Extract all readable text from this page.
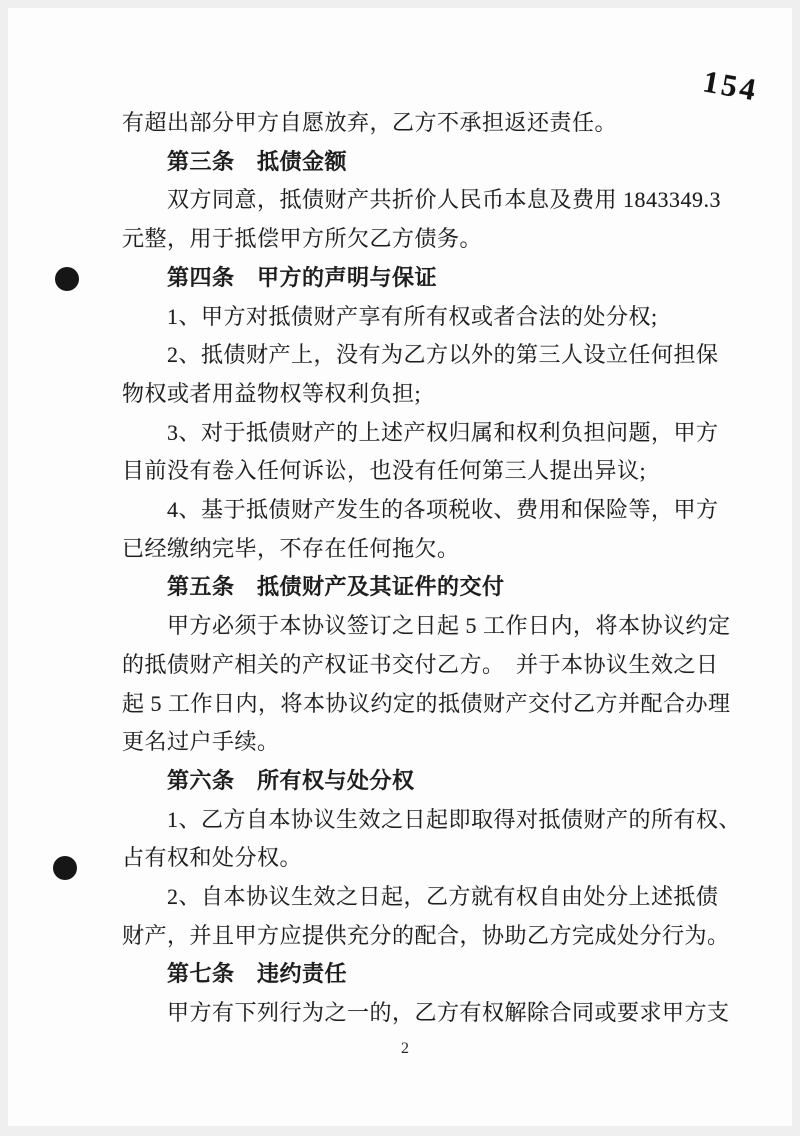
154
有超出部分甲方自愿放弃，乙方不承担返还责任。
第三条　抵债金额
双方同意，抵债财产共折价人民币本息及费用 1843349.3
元整，用于抵偿甲方所欠乙方债务。
第四条　甲方的声明与保证
1、甲方对抵债财产享有所有权或者合法的处分权;
2、抵债财产上，没有为乙方以外的第三人设立任何担保
物权或者用益物权等权利负担;
3、对于抵债财产的上述产权归属和权利负担问题，甲方
目前没有卷入任何诉讼，也没有任何第三人提出异议;
4、基于抵债财产发生的各项税收、费用和保险等，甲方
已经缴纳完毕，不存在任何拖欠。
第五条　抵债财产及其证件的交付
甲方必须于本协议签订之日起 5 工作日内，将本协议约定
的抵债财产相关的产权证书交付乙方。　并于本协议生效之日
起 5 工作日内，将本协议约定的抵债财产交付乙方并配合办理
更名过户手续。
第六条　所有权与处分权
1、乙方自本协议生效之日起即取得对抵债财产的所有权、
占有权和处分权。
2、自本协议生效之日起，乙方就有权自由处分上述抵债
财产，并且甲方应提供充分的配合，协助乙方完成处分行为。
第七条　违约责任
甲方有下列行为之一的，乙方有权解除合同或要求甲方支
2
